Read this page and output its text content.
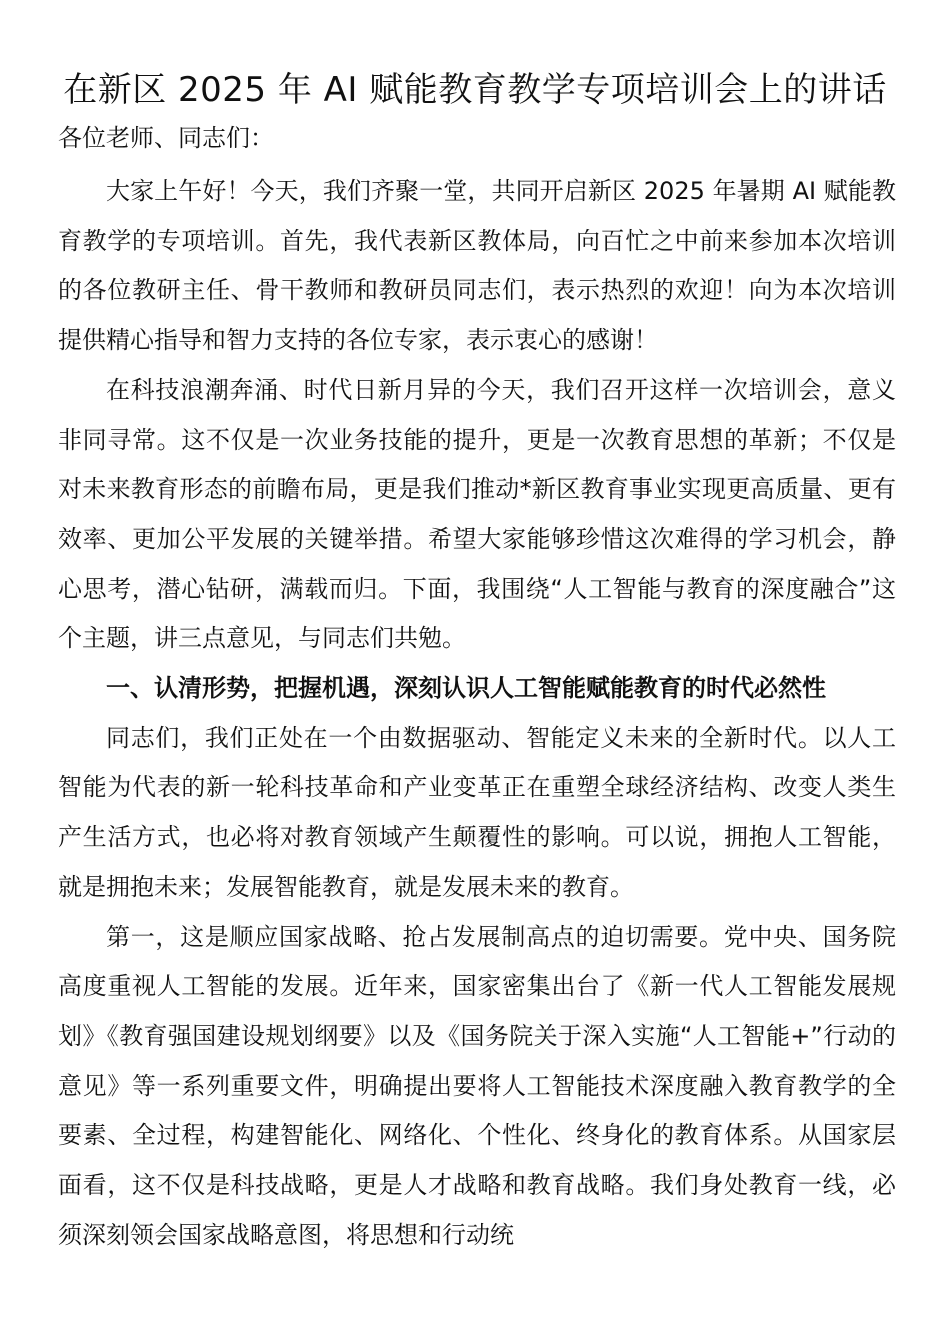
在新区 2025 年 AI 赋能教育教学专项培训会上的讲话

各位老师、同志们：

大家上午好！今天，我们齐聚一堂，共同开启新区 2025 年暑期 AI 赋能教育教学的专项培训。首先，我代表新区教体局，向百忙之中前来参加本次培训的各位教研主任、骨干教师和教研员同志们，表示热烈的欢迎！向为本次培训提供精心指导和智力支持的各位专家，表示衷心的感谢！

在科技浪潮奔涌、时代日新月异的今天，我们召开这样一次培训会，意义非同寻常。这不仅是一次业务技能的提升，更是一次教育思想的革新；不仅是对未来教育形态的前瞻布局，更是我们推动*新区教育事业实现更高质量、更有效率、更加公平发展的关键举措。希望大家能够珍惜这次难得的学习机会，静心思考，潜心钻研，满载而归。下面，我围绕“人工智能与教育的深度融合”这个主题，讲三点意见，与同志们共勉。

一、认清形势，把握机遇，深刻认识人工智能赋能教育的时代必然性

同志们，我们正处在一个由数据驱动、智能定义未来的全新时代。以人工智能为代表的新一轮科技革命和产业变革正在重塑全球经济结构、改变人类生产生活方式，也必将对教育领域产生颠覆性的影响。可以说，拥抱人工智能，就是拥抱未来；发展智能教育，就是发展未来的教育。

第一，这是顺应国家战略、抢占发展制高点的迫切需要。党中央、国务院高度重视人工智能的发展。近年来，国家密集出台了《新一代人工智能发展规划》《教育强国建设规划纲要》以及《国务院关于深入实施“人工智能+”行动的意见》等一系列重要文件，明确提出要将人工智能技术深度融入教育教学的全要素、全过程，构建智能化、网络化、个性化、终身化的教育体系。从国家层面看，这不仅是科技战略，更是人才战略和教育战略。我们身处教育一线，必须深刻领会国家战略意图，将思想和行动统
